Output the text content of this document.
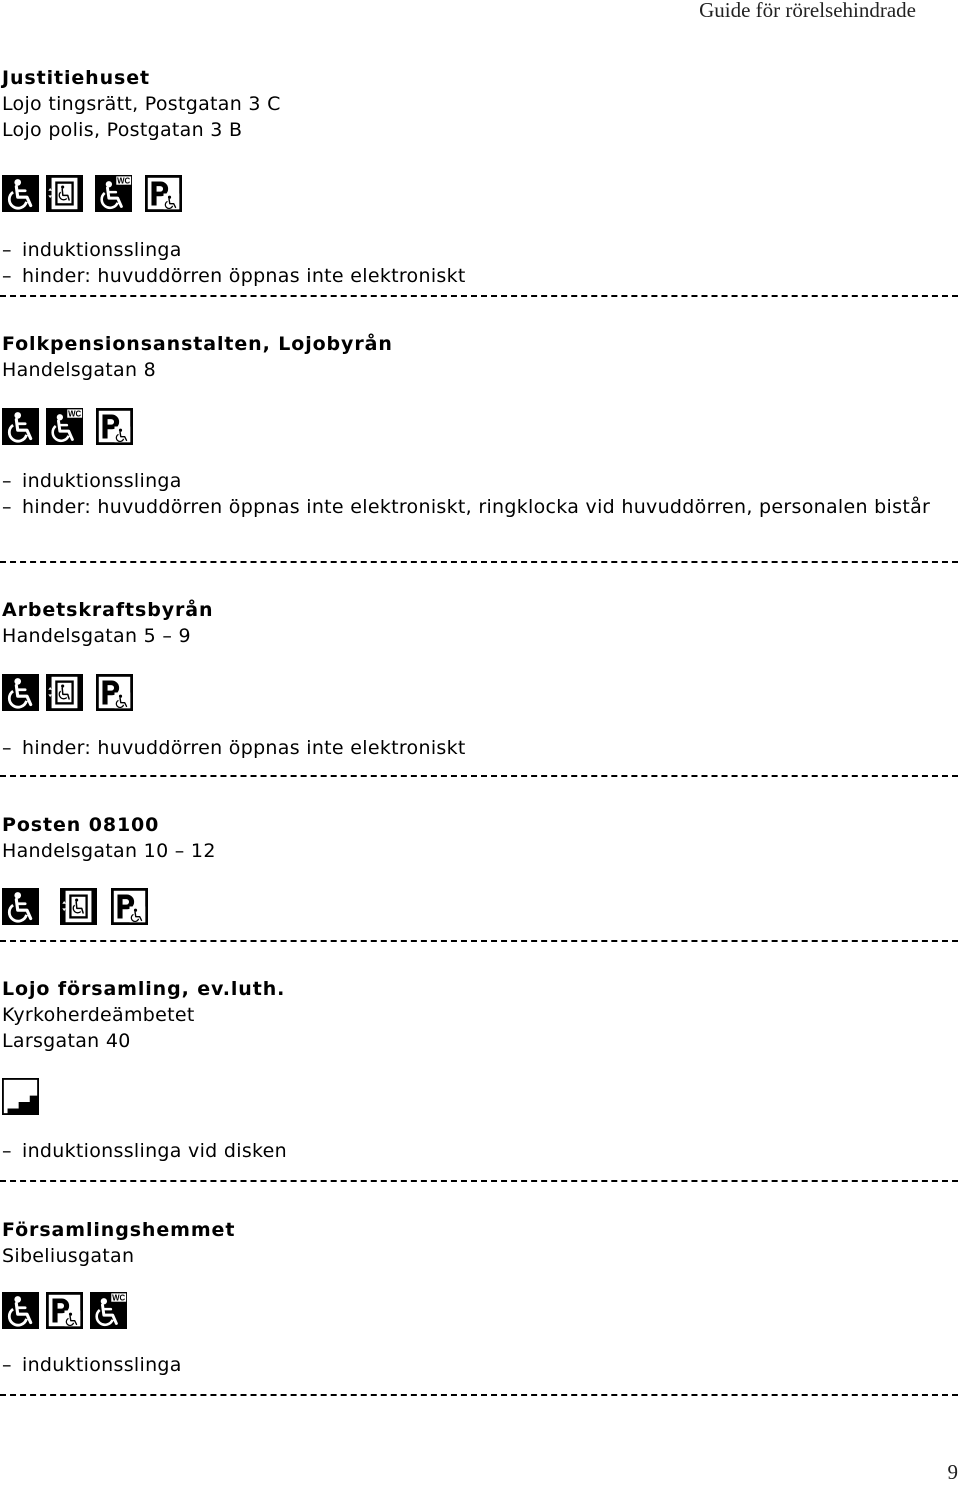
Guide för rörelsehindrade
Justitiehuset
Lojo tingsrätt, Postgatan 3 C
Lojo polis, Postgatan 3 B
– induktionsslinga
– hinder: huvuddörren öppnas inte elektroniskt
Folkpensionsanstalten, Lojobyrån
Handelsgatan 8
– induktionsslinga
– hinder: huvuddörren öppnas inte elektroniskt, ringklocka vid huvuddörren, personalen bistår
Arbetskraftsbyrån
Handelsgatan 5 – 9
– hinder: huvuddörren öppnas inte elektroniskt
Posten 08100
Handelsgatan 10 – 12
Lojo församling, ev.luth.
Kyrkoherdeämbetet
Larsgatan 40
– induktionsslinga vid disken
Församlingshemmet
Sibeliusgatan
– induktionsslinga
9
